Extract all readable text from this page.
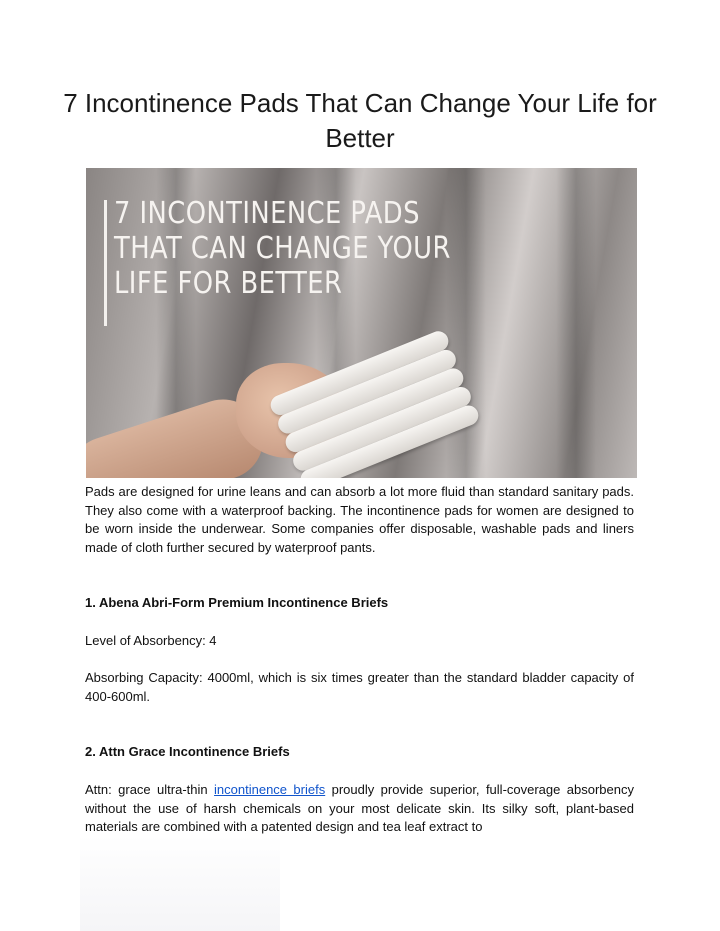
7 Incontinence Pads That Can Change Your Life for Better
7 INCONTINENCE PADS THAT CAN CHANGE YOUR LIFE FOR BETTER

Pads are designed for urine leans and can absorb a lot more fluid than standard sanitary pads. They also come with a waterproof backing. The incontinence pads for women are designed to be worn inside the underwear. Some companies offer disposable, washable pads and liners made of cloth further secured by waterproof pants.

1. Abena Abri-Form Premium Incontinence Briefs

Level of Absorbency: 4

Absorbing Capacity: 4000ml, which is six times greater than the standard bladder capacity of 400-600ml.

2. Attn Grace Incontinence Briefs

Attn: grace ultra-thin incontinence briefs proudly provide superior, full-coverage absorbency without the use of harsh chemicals on your most delicate skin. Its silky soft, plant-based materials are combined with a patented design and tea leaf extract to
